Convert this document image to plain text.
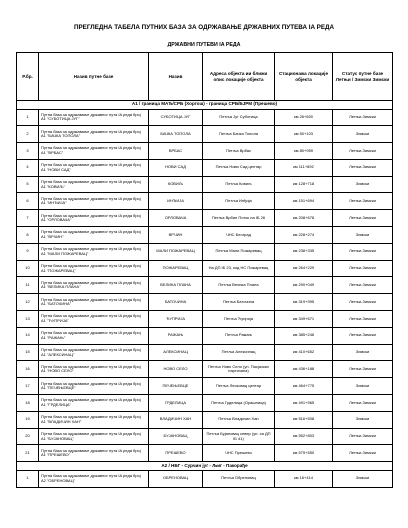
ПРЕГЛЕДНА ТАБЕЛА ПУТНИХ БАЗА ЗА ОДРЖАВАЊЕ ДРЖАВНИХ ПУТЕВА IA РЕДА
ДРЖАВНИ ПУТЕВИ IA РЕДА
Р.бр.	Назив путне базе	Назив	Адреса објекта ии ближи опис локације објекта	Стационажа локације објекта	Статус путне базе Летњи / Зимски Зимски
A1 / граница МАЂ/СРБ (Хоргош) - граница СРБ/БЈРМ (Прешево)					
1	Путна база за одржавање државног пута IA реда број A1 "СУБОТИЦА ЈУГ"	СУБОТИЦА ЈУГ	Петља Југ Суботица	км 26+600	Летњи-Зимски
2	Путна база за одржавање државног пута IA реда број A1 "БАЧКА ТОПОЛА"	БАЧКА ТОПОЛА	Петља Бачка Топола	км 50+103	Зимски
3	Путна база за одржавање државног пута IA реда број A1 "ВРБАС"	ВРБАС	Петља Врбас	км 80+959	Летњи-Зимски
4	Путна база за одржавање државног пута IA реда број A1 "НОВИ САД"	НОВИ САД	Петља Нови Сад центар	км 111+892	Летњи-Зимски
5	Путна база за одржавање државног пута IA реда број A1 "КОВИЉ"	КОВИЉ	Петља Ковиљ	км 128+718	Зимски
6	Путна база за одржавање државног пута IA реда број A1 "ИНЂИЈА"	ИНЂИЈА	Петља Инђија	км 151+694	Летњи-Зимски
7	Путна база за одржавање државног пута IA реда број A1 "ОРЛОВАЧА"	ОРЛОВАЧА	Петља Врбин Поток на IБ 26	км 208+678	Летњи-Зимски
8	Путна база за одржавање државног пута IA реда број A1 "ВРЧИН"	ВРЧИН	ЧНС Београд	км 228+274	Зимски
9	Путна база за одржавање државног пута IA реда број A1 "МАЛИ ПОЖАРЕВАЦ"	МАЛИ ПОЖАРЕВАЦ	Петља Мали Пожаревац	км 238+335	Летњи-Зимски
10	Путна база за одржавање државног пута IA реда број A1 "ПОЖАРЕВАЦ"	ПОЖАРЕВАЦ	На ДП IБ 23, код НС Пожаревац	км 264+229	Летњи-Зимски
11	Путна база за одржавање државног пута IA реда број A1 "ВЕЛИКА ПЛАНА"	ВЕЛИКА ПЛАНА	Петља Велика Плана	км 290+049	Летњи-Зимски
12	Путна база за одржавање државног пута IA реда број A1 "БАТОЧИНА"	БАТОЧИНА	Петља Баточина	км 319+995	Летњи-Зимски
13	Путна база за одржавање државног пута IA реда број A1 "ЋУПРИЈА"	ЋУПРИЈА	Петља Ћуприја	км 349+671	Летњи-Зимски
14	Путна база за одржавање државног пута IA реда број A1 "РАЖАЊ"	РАЖАЊ	Петља Ражањ	км 385+246	Летњи-Зимски
15	Путна база за одржавање државног пута IA реда број A1 "АЛЕКСИНАЦ"	АЛЕКСИНАЦ	Петља Алексинац	км 410+652	Зимски
16	Путна база за одржавање државног пута IA реда број A1 "НОВО СЕЛО"	НОВО СЕЛО	Петља Ново Село (уп. Пасјачких партизана)	км 436+188	Летњи-Зимски
17	Путна база за одржавање државног пута IA реда број A1 "ПЕЧЕЊЕВЦЕ"	ПЕЧЕЊЕВЦЕ	Петља Лесковац центар	км 464+775	Зимски
18	Путна база за одржавање државног пута IA реда број A1 "ГРДЕЛИЦА"	ГРДЕЛИЦА	Петља Грделица (Орашница)	км 491+965	Летњи-Зимски
19	Путна база за одржавање државног пута IA реда број A1 "ВЛАДИЧИН ХАН"	ВЛАДИЧИН ХАН	Петља Владичин Хан	км 516+508	Зимски
20	Путна база за одржавање државног пута IA реда број A1 "БУЈАНОВАЦ"	БУЈАНОВАЦ	Петља Бујановац север (уп. са ДП IБ 41)	км 552+803	Летњи-Зимски
21	Путна база за одржавање државног пута IA реда број A1 "ПРЕШЕВО"	ПРЕШЕВО	ЧНС Прешево	км 575+550	Летњи-Зимски
A2 / НБГ - Сурчин југ - Љиг - Пакорађе					
1	Путна база за одржавање државног пута IA реда број A2 "ОБРЕНОВАЦ"	ОБРЕНОВАЦ	Петља Обреновац	км 16+414	Зимски
